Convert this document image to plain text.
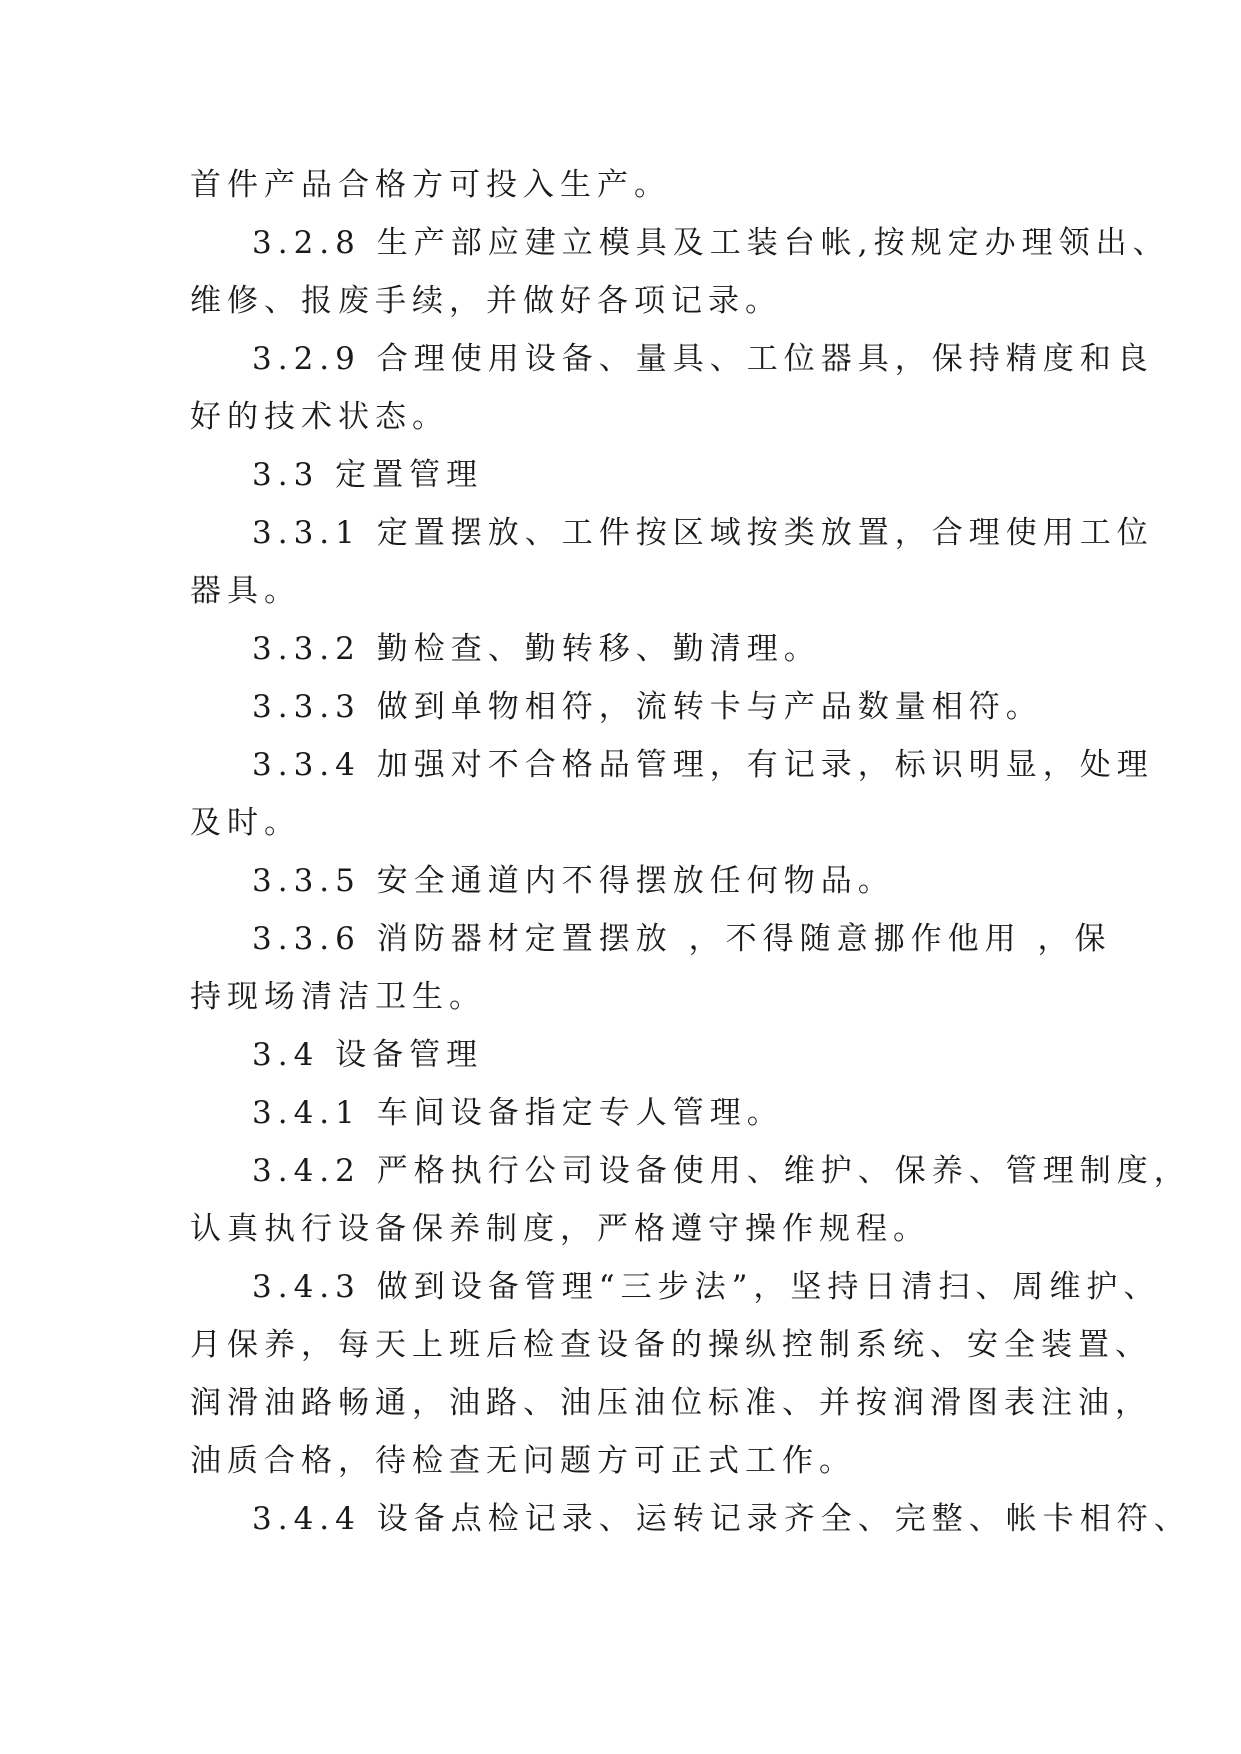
首件产品合格方可投入生产。
3.2.8 生产部应建立模具及工装台帐,按规定办理领出、
维修、报废手续，并做好各项记录。
3.2.9 合理使用设备、量具、工位器具，保持精度和良
好的技术状态。
3.3 定置管理
3.3.1 定置摆放、工件按区域按类放置，合理使用工位
器具。
3.3.2 勤检查、勤转移、勤清理。
3.3.3 做到单物相符，流转卡与产品数量相符。
3.3.4 加强对不合格品管理，有记录，标识明显，处理
及时。
3.3.5 安全通道内不得摆放任何物品。
3.3.6 消防器材定置摆放 ，不得随意挪作他用 ，保
持现场清洁卫生。
3.4 设备管理
3.4.1 车间设备指定专人管理。
3.4.2 严格执行公司设备使用、维护、保养、管理制度，
认真执行设备保养制度，严格遵守操作规程。
3.4.3 做到设备管理“三步法”，坚持日清扫、周维护、
月保养，每天上班后检查设备的操纵控制系统、安全装置、
润滑油路畅通，油路、油压油位标准、并按润滑图表注油，
油质合格，待检查无问题方可正式工作。
3.4.4 设备点检记录、运转记录齐全、完整、帐卡相符、
